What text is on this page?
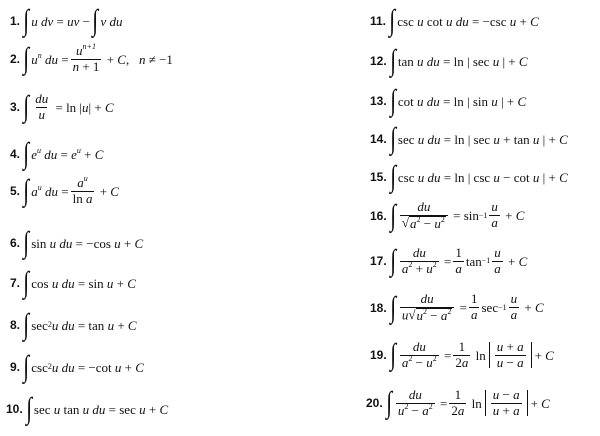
1. ∫ u dv = uv − ∫ v du
2. ∫ $u^n$ du = $\frac{u^{n+1}}{n + 1} + C$ , n ≠ −1
3. ∫ $\frac{du}{u} = \ln$ | u | + C
4. ∫ $e^u$ du = $e^u + C$
5. ∫ $a^u$ du = $\frac{a^u}{\text{ln a}} + C$
6. ∫ sin u du = −cos u + C
7. ∫ cos u du = sin u + C
8. ∫ sec 2 u du = tan u + C
9. ∫ csc 2 u du = −cot u + C
10. ∫ sec u tan u du = sec u + C
11. ∫ csc u cot u du = −csc u + C
12. ∫ tan u du = ln | sec u | + C
13. ∫ cot u du = ln | sin u | + C
14. ∫ sec u du = ln | sec u + tan u | + C
15. ∫ csc u du = ln | csc u − cot u | + C
16. ∫ $\frac{du}{√ a^2 - u^2} = \sin -1 \frac{u}{a} + C$
17. ∫ $\frac{du}{a^2 + u^2} = \frac{1}{a}$ $\tan -1 \frac{u}{a} + C$
18. ∫ $\frac{du}{u √ u^2 - a^2} = \frac{1}{a}$ $\sec -1 \frac{u}{a} + C$
19. ∫ $\frac{du}{a^2 - u^2} = \frac{1}{2a}$ $\ln \frac{u + a}{u - a} + C$
20. ∫ $\frac{du}{u^2 - a^2} = \frac{1}{2a}$ $\ln \frac{u - a}{u + a} + C$
